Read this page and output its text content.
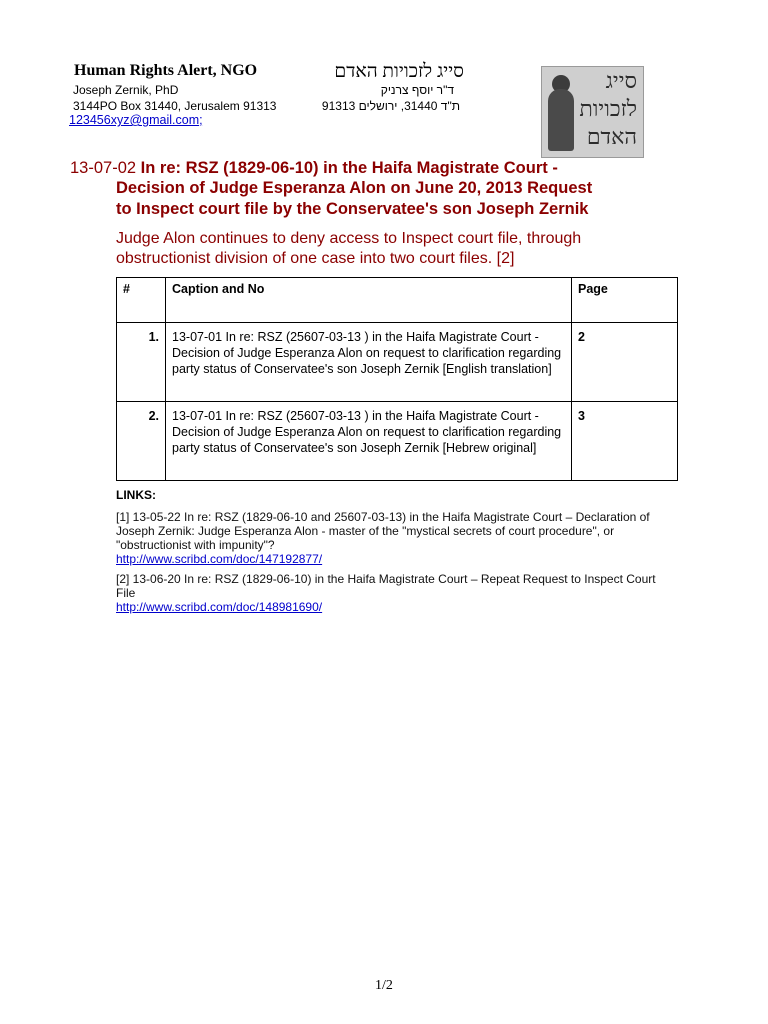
Human Rights Alert, NGO	סייג לזכויות האדם
Joseph Zernik, PhD	ד"ר יוסף צרניק
3144PO Box 31440, Jerusalem 91313	ת"ד 31440, ירושלים 91313
123456xyz@gmail.com;
סייג
לזכויות
האדם
13-07-02 In re: RSZ (1829-06-10) in the Haifa Magistrate Court -
Decision of Judge Esperanza Alon on June 20, 2013 Request
to Inspect court file by the Conservatee's son Joseph Zernik
Judge Alon continues to deny access to Inspect court file, through
obstructionist division of one case into two court files. [2]
#	Caption and No	Page
1.	13-07-01 In re: RSZ (25607-03-13 ) in the Haifa Magistrate Court - Decision of Judge Esperanza Alon on request to clarification regarding party status of Conservatee's son Joseph Zernik [English translation]	2
2.	13-07-01 In re: RSZ (25607-03-13 ) in the Haifa Magistrate Court - Decision of Judge Esperanza Alon on request to clarification regarding party status of Conservatee's son Joseph Zernik [Hebrew original]	3
LINKS:
[1] 13-05-22 In re: RSZ (1829-06-10 and 25607-03-13) in the Haifa Magistrate Court – Declaration of Joseph Zernik: Judge Esperanza Alon - master of the "mystical secrets of court procedure", or "obstructionist with impunity"?
http://www.scribd.com/doc/147192877/
[2] 13-06-20 In re: RSZ (1829-06-10) in the Haifa Magistrate Court – Repeat Request to Inspect Court File
http://www.scribd.com/doc/148981690/
1/2
